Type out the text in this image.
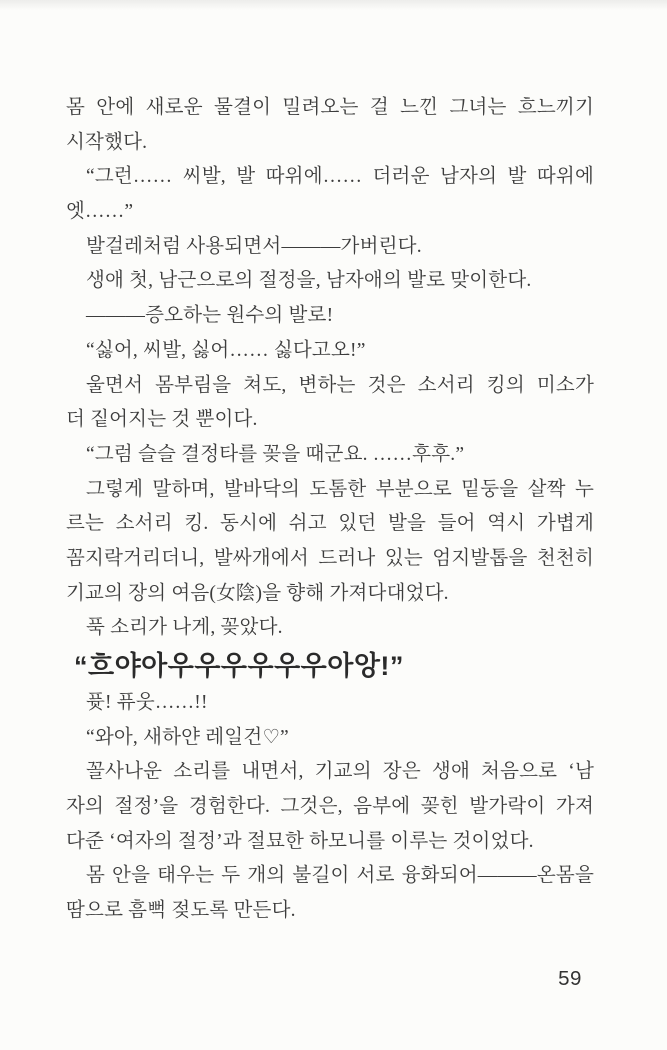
몸 안에 새로운 물결이 밀려오는 걸 느낀 그녀는 흐느끼기
시작했다.
“그런…… 씨발, 발 따위에…… 더러운 남자의 발 따위에
엣……”
발걸레처럼 사용되면서———가버린다.
생애 첫, 남근으로의 절정을, 남자애의 발로 맞이한다.
———증오하는 원수의 발로!
“싫어, 씨발, 싫어…… 싫다고오!”
울면서 몸부림을 쳐도, 변하는 것은 소서리 킹의 미소가
더 짙어지는 것 뿐이다.
“그럼 슬슬 결정타를 꽂을 때군요. ……후후.”
그렇게 말하며, 발바닥의 도톰한 부분으로 밑둥을 살짝 누
르는 소서리 킹. 동시에 쉬고 있던 발을 들어 역시 가볍게
꼼지락거리더니, 발싸개에서 드러나 있는 엄지발톱을 천천히
기교의 장의 여음(女陰)을 향해 가져다대었다.
푹 소리가 나게, 꽂았다.
“흐야아우우우우우우아앙!”
퓻! 퓨웃……!!
“와아, 새하얀 레일건♡”
꼴사나운 소리를 내면서, 기교의 장은 생애 처음으로 ‘남
자의 절정’을 경험한다. 그것은, 음부에 꽂힌 발가락이 가져
다준 ‘여자의 절정’과 절묘한 하모니를 이루는 것이었다.
몸 안을 태우는 두 개의 불길이 서로 융화되어———온몸을
땀으로 흠뻑 젖도록 만든다.
59
